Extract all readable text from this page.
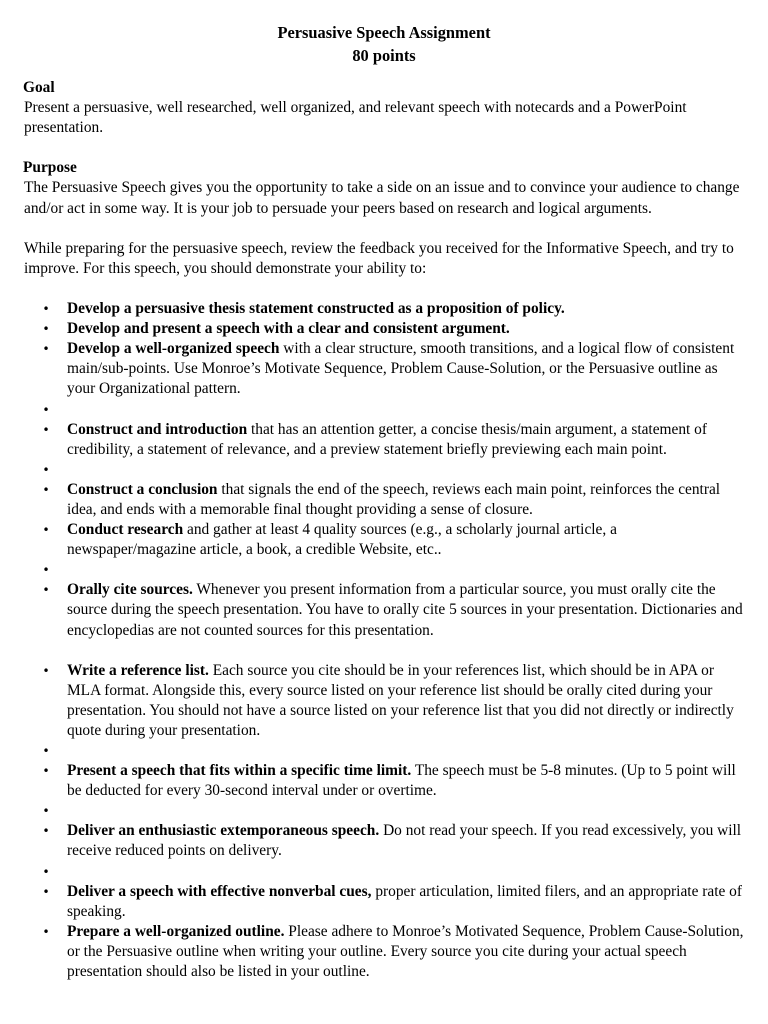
Persuasive Speech Assignment
80 points
Goal

Present a persuasive, well researched, well organized, and relevant speech with notecards and a PowerPoint presentation.

Purpose

The Persuasive Speech gives you the opportunity to take a side on an issue and to convince your audience to change and/or act in some way. It is your job to persuade your peers based on research and logical arguments.

While preparing for the persuasive speech, review the feedback you received for the Informative Speech, and try to improve. For this speech, you should demonstrate your ability to:

• Develop a persuasive thesis statement constructed as a proposition of policy.
• Develop and present a speech with a clear and consistent argument.
• Develop a well-organized speech with a clear structure, smooth transitions, and a logical flow of consistent main/sub-points. Use Monroe’s Motivate Sequence, Problem Cause-Solution, or the Persuasive outline as your Organizational pattern.
•
• Construct and introduction that has an attention getter, a concise thesis/main argument, a statement of credibility, a statement of relevance, and a preview statement briefly previewing each main point.
•
• Construct a conclusion that signals the end of the speech, reviews each main point, reinforces the central idea, and ends with a memorable final thought providing a sense of closure.
• Conduct research and gather at least 4 quality sources (e.g., a scholarly journal article, a newspaper/magazine article, a book, a credible Website, etc..
•
• Orally cite sources. Whenever you present information from a particular source, you must orally cite the source during the speech presentation. You have to orally cite 5 sources in your presentation. Dictionaries and encyclopedias are not counted sources for this presentation.
• Write a reference list. Each source you cite should be in your references list, which should be in APA or MLA format. Alongside this, every source listed on your reference list should be orally cited during your presentation. You should not have a source listed on your reference list that you did not directly or indirectly quote during your presentation.
•
• Present a speech that fits within a specific time limit. The speech must be 5-8 minutes. (Up to 5 point will be deducted for every 30-second interval under or overtime.
•
• Deliver an enthusiastic extemporaneous speech. Do not read your speech. If you read excessively, you will receive reduced points on delivery.
•
• Deliver a speech with effective nonverbal cues, proper articulation, limited filers, and an appropriate rate of speaking.
• Prepare a well-organized outline. Please adhere to Monroe’s Motivated Sequence, Problem Cause-Solution, or the Persuasive outline when writing your outline. Every source you cite during your actual speech presentation should also be listed in your outline.
